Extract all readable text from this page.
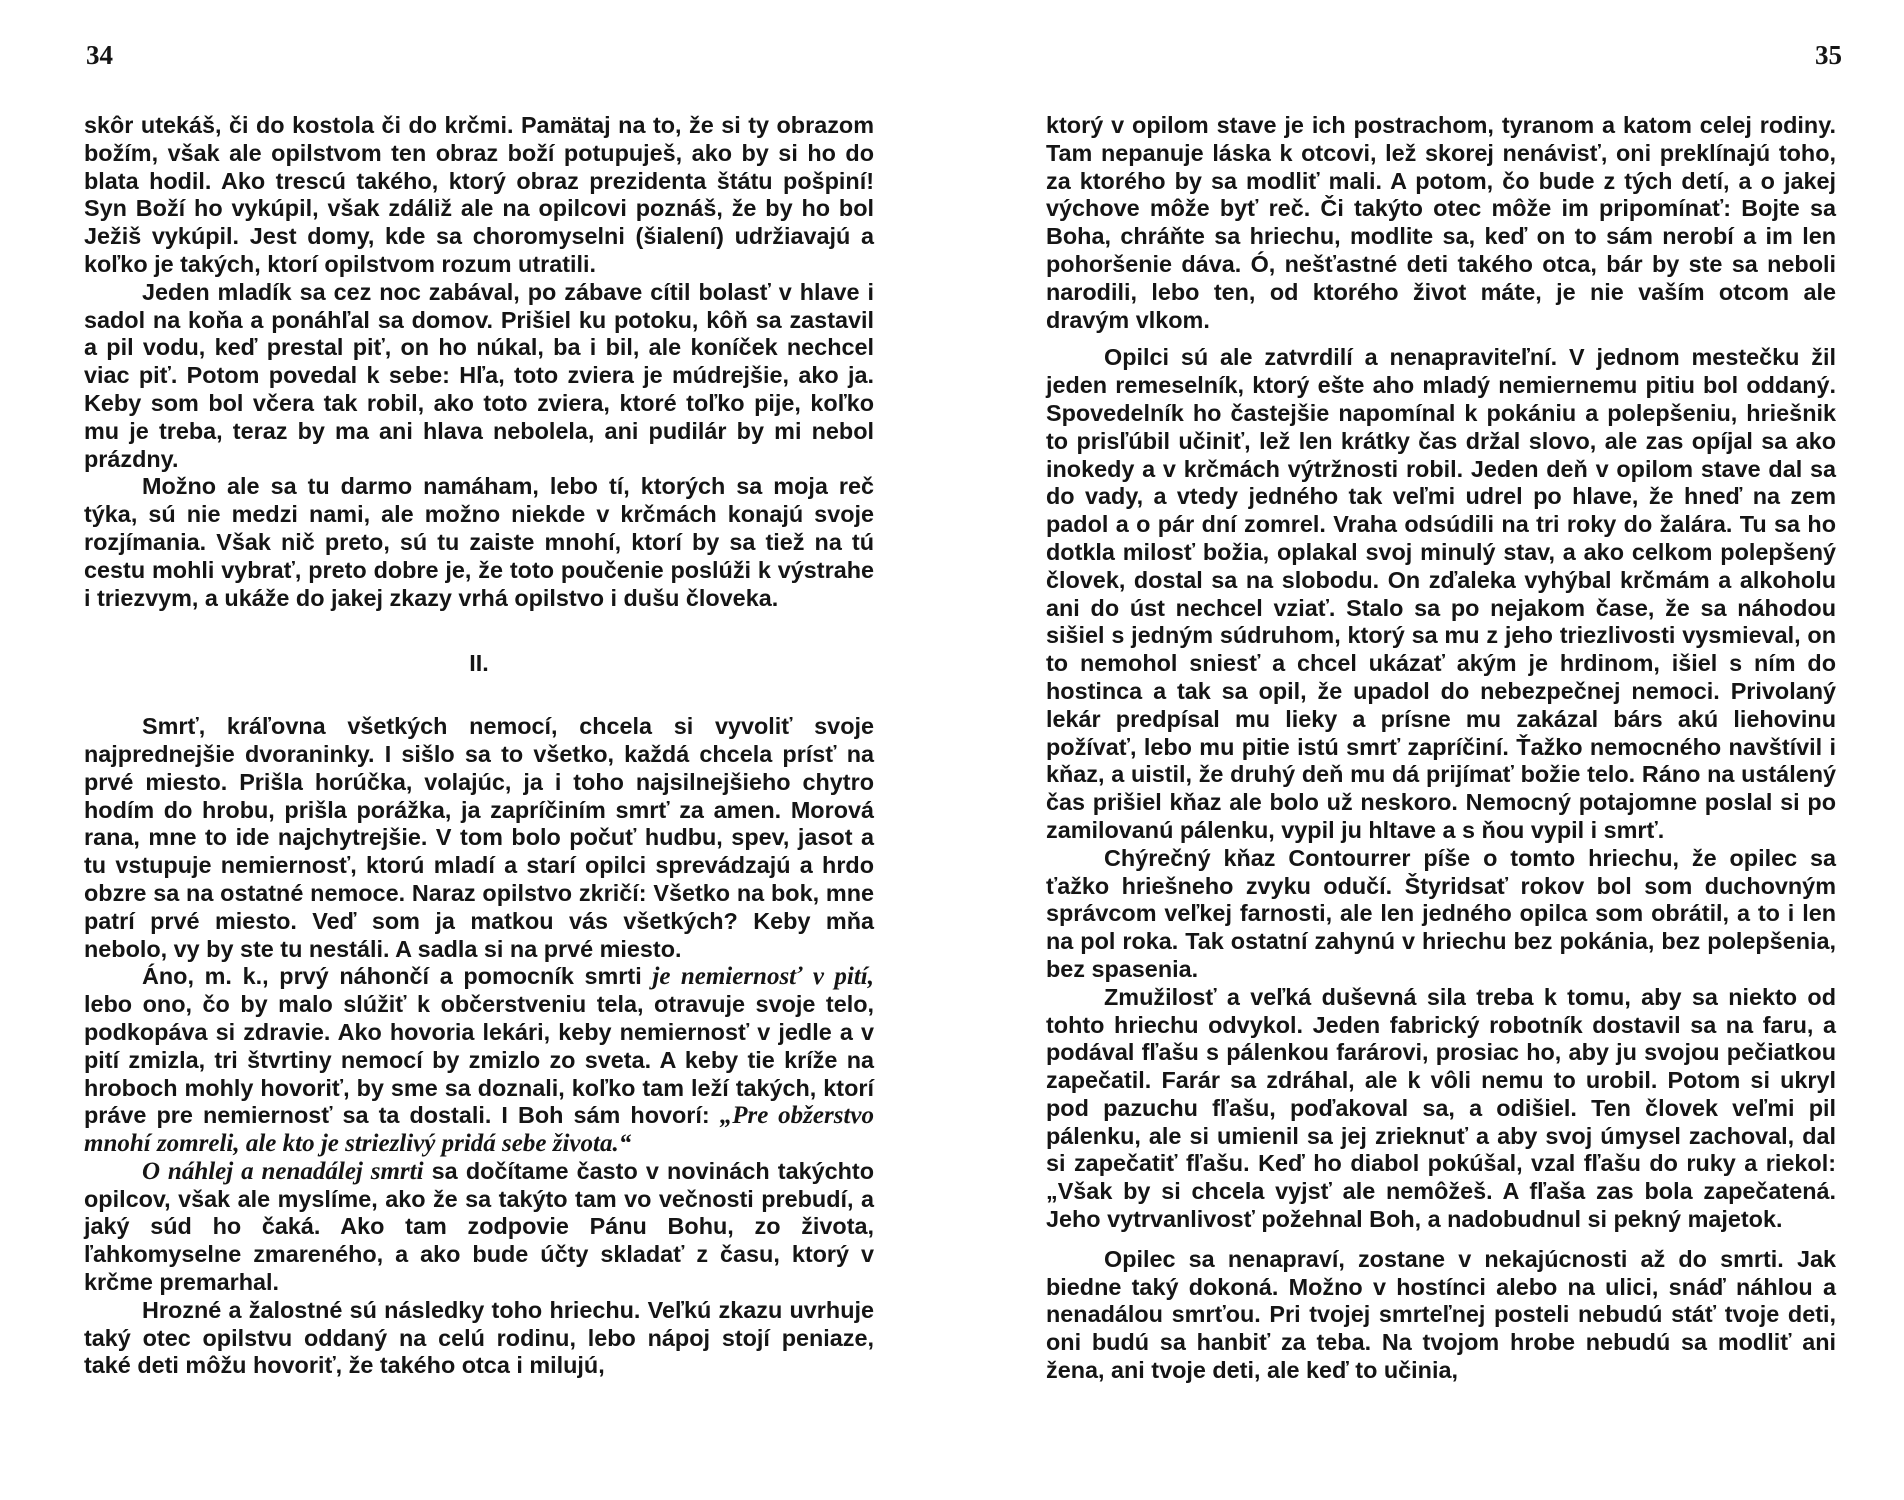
34	35

skôr utekáš, či do kostola či do krčmi. Pamätaj na to, že si ty obrazom božím, však ale opilstvom ten obraz boží potupuješ, ako by si ho do blata hodil. Ako trescú takého, ktorý obraz prezidenta štátu pošpiní! Syn Boží ho vykúpil, však zdáliž ale na opilcovi poznáš, že by ho bol Ježiš vykúpil. Jest domy, kde sa choromyselni (šialení) udržiavajú a koľko je takých, ktorí opilstvom rozum utratili.

Jeden mladík sa cez noc zabával, po zábave cítil bolasť v hlave i sadol na koňa a ponáhľal sa domov. Prišiel ku potoku, kôň sa zastavil a pil vodu, keď prestal piť, on ho núkal, ba i bil, ale koníček nechcel viac piť. Potom povedal k sebe: Hľa, toto zviera je múdrejšie, ako ja. Keby som bol včera tak robil, ako toto zviera, ktoré toľko pije, koľko mu je treba, teraz by ma ani hlava nebolela, ani pudilár by mi nebol prázdny.

Možno ale sa tu darmo namáham, lebo tí, ktorých sa moja reč týka, sú nie medzi nami, ale možno niekde v krčmách konajú svoje rozjímania. Však nič preto, sú tu zaiste mnohí, ktorí by sa tiež na tú cestu mohli vybrať, preto dobre je, že toto poučenie poslúži k výstrahe i triezvym, a ukáže do jakej zkazy vrhá opilstvo i dušu človeka.

II.

Smrť, kráľovna všetkých nemocí, chcela si vyvoliť svoje najprednejšie dvoraninky. I sišlo sa to všetko, každá chcela prísť na prvé miesto. Prišla horúčka, volajúc, ja i toho najsilnejšieho chytro hodím do hrobu, prišla porážka, ja zapríčiním smrť za amen. Morová rana, mne to ide najchytrejšie. V tom bolo počuť hudbu, spev, jasot a tu vstupuje nemiernosť, ktorú mladí a starí opilci sprevádzajú a hrdo obzre sa na ostatné nemoce. Naraz opilstvo zkričí: Všetko na bok, mne patrí prvé miesto. Veď som ja matkou vás všetkých? Keby mňa nebolo, vy by ste tu nestáli. A sadla si na prvé miesto.

Áno, m. k., prvý náhončí a pomocník smrti je nemiernosť v pití, lebo ono, čo by malo slúžiť k občerstveniu tela, otravuje svoje telo, podkopáva si zdravie. Ako hovoria lekári, keby nemiernosť v jedle a v pití zmizla, tri štvrtiny nemocí by zmizlo zo sveta. A keby tie kríže na hroboch mohly hovoriť, by sme sa doznali, koľko tam leží takých, ktorí práve pre nemiernosť sa ta dostali. I Boh sám hovorí: „Pre obžerstvo mnohí zomreli, ale kto je striezlivý pridá sebe života.“

O náhlej a nenadálej smrti sa dočítame často v novinách takýchto opilcov, však ale myslíme, ako že sa takýto tam vo večnosti prebudí, a jaký súd ho čaká. Ako tam zodpovie Pánu Bohu, zo života, ľahkomyselne zmareného, a ako bude účty skladať z času, ktorý v krčme premarhal.

Hrozné a žalostné sú následky toho hriechu. Veľkú zkazu uvrhuje taký otec opilstvu oddaný na celú rodinu, lebo nápoj stojí peniaze, také deti môžu hovoriť, že takého otca i milujú,

ktorý v opilom stave je ich postrachom, tyranom a katom celej rodiny. Tam nepanuje láska k otcovi, lež skorej nenávisť, oni preklínajú toho, za ktorého by sa modliť mali. A potom, čo bude z tých detí, a o jakej výchove môže byť reč. Či takýto otec môže im pripomínať: Bojte sa Boha, chráňte sa hriechu, modlite sa, keď on to sám nerobí a im len pohoršenie dáva. Ó, nešťastné deti takého otca, bár by ste sa neboli narodili, lebo ten, od ktorého život máte, je nie vaším otcom ale dravým vlkom.

Opilci sú ale zatvrdilí a nenapraviteľní. V jednom mestečku žil jeden remeselník, ktorý ešte aho mladý nemiernemu pitiu bol oddaný. Spovedelník ho častejšie napomínal k pokániu a polepšeniu, hriešnik to prisľúbil učiniť, lež len krátky čas držal slovo, ale zas opíjal sa ako inokedy a v krčmách výtržnosti robil. Jeden deň v opilom stave dal sa do vady, a vtedy jedného tak veľmi udrel po hlave, že hneď na zem padol a o pár dní zomrel. Vraha odsúdili na tri roky do žalára. Tu sa ho dotkla milosť božia, oplakal svoj minulý stav, a ako celkom polepšený človek, dostal sa na slobodu. On zďaleka vyhýbal krčmám a alkoholu ani do úst nechcel vziať. Stalo sa po nejakom čase, že sa náhodou sišiel s jedným súdruhom, ktorý sa mu z jeho triezlivosti vysmieval, on to nemohol sniesť a chcel ukázať akým je hrdinom, išiel s ním do hostinca a tak sa opil, že upadol do nebezpečnej nemoci. Privolaný lekár predpísal mu lieky a prísne mu zakázal bárs akú liehovinu požívať, lebo mu pitie istú smrť zapríčiní. Ťažko nemocného navštívil i kňaz, a uistil, že druhý deň mu dá prijímať božie telo. Ráno na ustálený čas prišiel kňaz ale bolo už neskoro. Nemocný potajomne poslal si po zamilovanú pálenku, vypil ju hltave a s ňou vypil i smrť.

Chýrečný kňaz Contourrer píše o tomto hriechu, že opilec sa ťažko hriešneho zvyku odučí. Štyridsať rokov bol som duchovným správcom veľkej farnosti, ale len jedného opilca som obrátil, a to i len na pol roka. Tak ostatní zahynú v hriechu bez pokánia, bez polepšenia, bez spasenia.

Zmužilosť a veľká duševná sila treba k tomu, aby sa niekto od tohto hriechu odvykol. Jeden fabrický robotník dostavil sa na faru, a podával fľašu s pálenkou farárovi, prosiac ho, aby ju svojou pečiatkou zapečatil. Farár sa zdráhal, ale k vôli nemu to urobil. Potom si ukryl pod pazuchu fľašu, poďakoval sa, a odišiel. Ten človek veľmi pil pálenku, ale si umienil sa jej zrieknuť a aby svoj úmysel zachoval, dal si zapečatiť fľašu. Keď ho diabol pokúšal, vzal fľašu do ruky a riekol: „Však by si chcela vyjsť ale nemôžeš. A fľaša zas bola zapečatená. Jeho vytrvanlivosť požehnal Boh, a nadobudnul si pekný majetok.

Opilec sa nenapraví, zostane v nekajúcnosti až do smrti. Jak biedne taký dokoná. Možno v hostínci alebo na ulici, snáď náhlou a nenadálou smrťou. Pri tvojej smrteľnej posteli nebudú stáť tvoje deti, oni budú sa hanbiť za teba. Na tvojom hrobe nebudú sa modliť ani žena, ani tvoje deti, ale keď to učinia,
